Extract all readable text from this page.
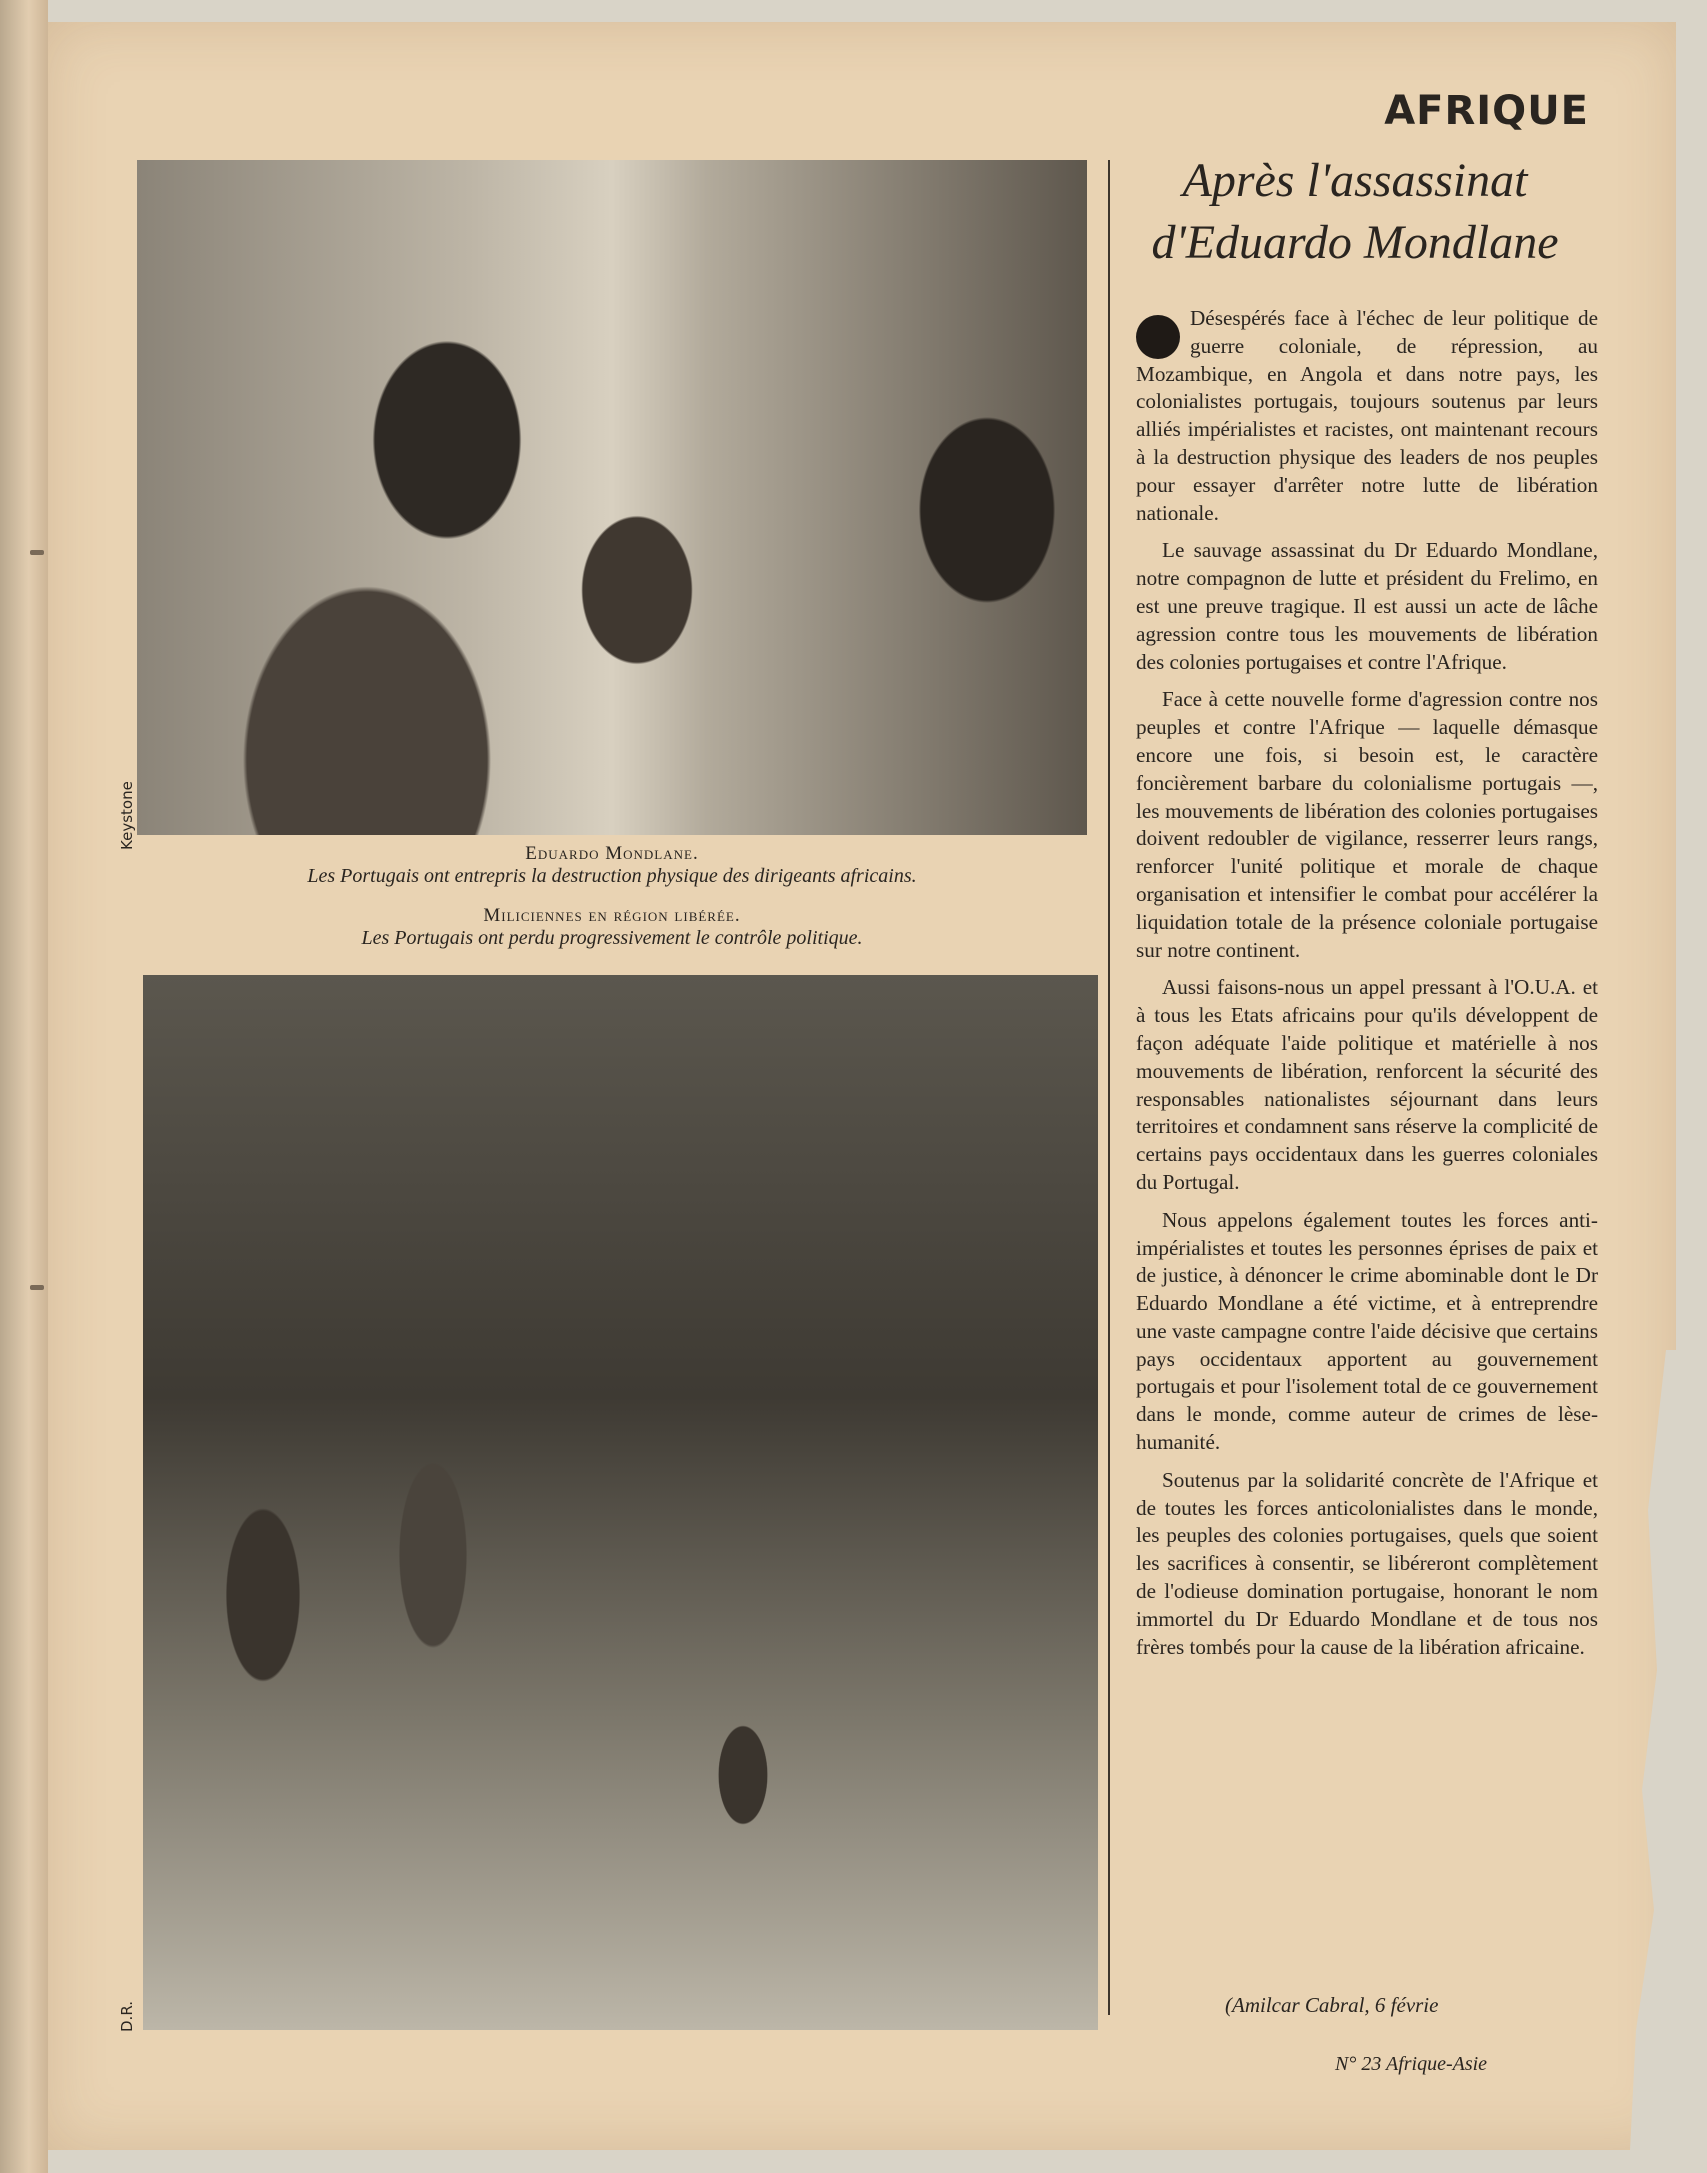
AFRIQUE
Keystone
Eduardo Mondlane.
Les Portugais ont entrepris la destruction physique des dirigeants africains.
Miliciennes en région libérée.
Les Portugais ont perdu progressivement le contrôle politique.
D.R.
Après l'assassinat
d'Eduardo Mondlane

Désespérés face à l'échec de leur politique de guerre coloniale, de répression, au Mozambique, en Angola et dans notre pays, les colonialistes portugais, toujours soutenus par leurs alliés impérialistes et racistes, ont maintenant recours à la destruction physique des leaders de nos peuples pour essayer d'arrêter notre lutte de libération nationale.

Le sauvage assassinat du Dr Eduardo Mondlane, notre compagnon de lutte et président du Frelimo, en est une preuve tragique. Il est aussi un acte de lâche agression contre tous les mouvements de libération des colonies portugaises et contre l'Afrique.

Face à cette nouvelle forme d'agression contre nos peuples et contre l'Afrique — laquelle démasque encore une fois, si besoin est, le caractère foncièrement barbare du colonialisme portugais —, les mouvements de libération des colonies portugaises doivent redoubler de vigilance, resserrer leurs rangs, renforcer l'unité politique et morale de chaque organisation et intensifier le combat pour accélérer la liquidation totale de la présence coloniale portugaise sur notre continent.

Aussi faisons-nous un appel pressant à l'O.U.A. et à tous les Etats africains pour qu'ils développent de façon adéquate l'aide politique et matérielle à nos mouvements de libération, renforcent la sécurité des responsables nationalistes séjournant dans leurs territoires et condamnent sans réserve la complicité de certains pays occidentaux dans les guerres coloniales du Portugal.

Nous appelons également toutes les forces anti-impérialistes et toutes les personnes éprises de paix et de justice, à dénoncer le crime abominable dont le Dr Eduardo Mondlane a été victime, et à entreprendre une vaste campagne contre l'aide décisive que certains pays occidentaux apportent au gouvernement portugais et pour l'isolement total de ce gouvernement dans le monde, comme auteur de crimes de lèse-humanité.

Soutenus par la solidarité concrète de l'Afrique et de toutes les forces anticolonialistes dans le monde, les peuples des colonies portugaises, quels que soient les sacrifices à consentir, se libéreront complètement de l'odieuse domination portugaise, honorant le nom immortel du Dr Eduardo Mondlane et de tous nos frères tombés pour la cause de la libération africaine.

(Amilcar Cabral, 6 févrie
N° 23 Afrique-Asie
